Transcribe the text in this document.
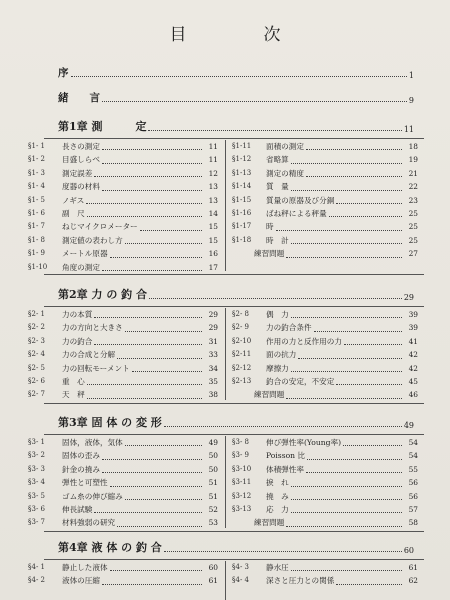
目　次
序	1
緒　　言	9
第1章 測　　　定	11
§1- 1	長さの測定	11
§1- 2	目盛しらべ	11
§1- 3	測定誤差	12
§1- 4	度器の材料	13
§1- 5	ノギス	13
§1- 6	副　尺	14
§1- 7	ねじマイクロメーター	15
§1- 8	測定値の表わし方	15
§1- 9	メートル原器	16
§1-10	角度の測定	17
§1-11	面積の測定	18
§1-12	省略算	19
§1-13	測定の精度	21
§1-14	質　量	22
§1-15	質量の原器及び分銅	23
§1-16	ばね秤による秤量	25
§1-17	時	25
§1-18	時　計	25
練習問題	27
第2章 力 の 釣 合	29
§2- 1	力の本質	29
§2- 2	力の方向と大きさ	29
§2- 3	力の釣合	31
§2- 4	力の合成と分解	33
§2- 5	力の回転モーメント	34
§2- 6	重　心	35
§2- 7	天　秤	38
§2- 8	偶　力	39
§2- 9	力の釣合条件	39
§2-10	作用の力と反作用の力	41
§2-11	面の抗力	42
§2-12	摩擦力	42
§2-13	釣合の安定，不安定	45
練習問題	46
第3章 固 体 の 変 形	49
§3- 1	固体，液体，気体	49
§3- 2	固体の歪み	50
§3- 3	針金の撓み	50
§3- 4	弾性と可塑性	51
§3- 5	ゴム糸の伸び縮み	51
§3- 6	伸長試験	52
§3- 7	材料強弱の研究	53
§3- 8	伸び弾性率(Young率)	54
§3- 9	Poisson 比	54
§3-10	体積弾性率	55
§3-11	捩　れ	56
§3-12	撓　み	56
§3-13	応　力	57
練習問題	58
第4章 液 体 の 釣 合	60
§4- 1	静止した液体	60
§4- 2	液体の圧縮	61
§4- 3	静水圧	61
§4- 4	深さと圧力との関係	62
